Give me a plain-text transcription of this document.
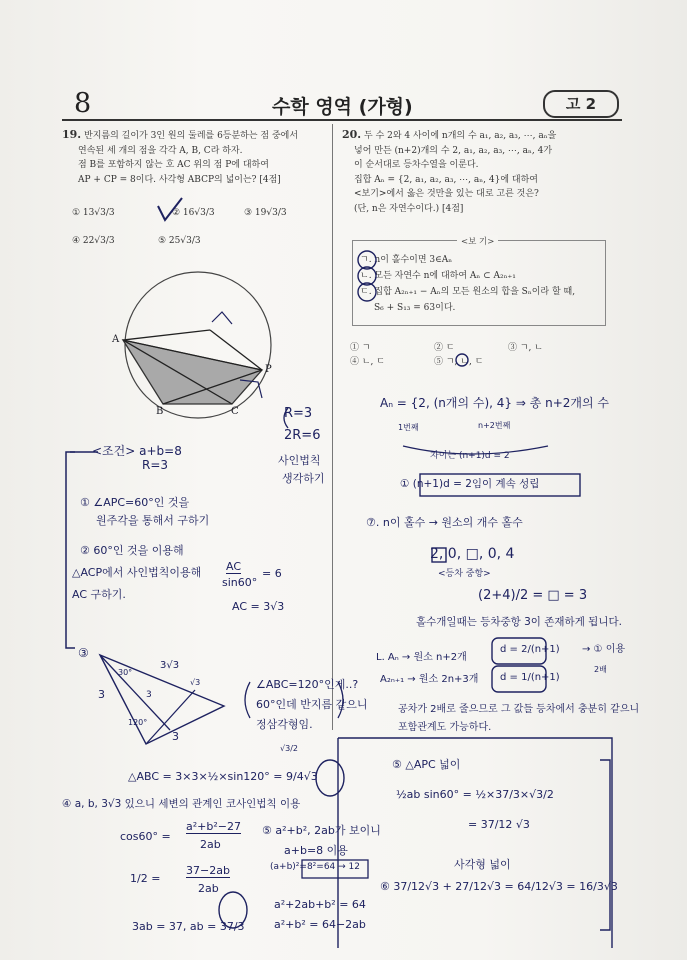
8	수학 영역 (가형)	고 2

19. 반지름의 길이가 3인 원의 둘레를 6등분하는 점 중에서

연속된 세 개의 점을 각각 A, B, C라 하자.

점 B를 포함하지 않는 호 AC 위의 점 P에 대하여

AP + CP = 8이다. 사각형 ABCP의 넓이는? [4점]

① 13√3/3	② 16√3/3	③ 19√3/3
④ 22√3/3	⑤ 25√3/3

20. 두 수 2와 4 사이에 n개의 수 a₁, a₂, a₃, ⋯, aₙ을

넣어 만든 (n+2)개의 수 2, a₁, a₂, a₃, ⋯, aₙ, 4가

이 순서대로 등차수열을 이룬다.

집합 Aₙ = {2, a₁, a₂, a₃, ⋯, aₙ, 4}에 대하여

<보기>에서 옳은 것만을 있는 대로 고른 것은?

(단, n은 자연수이다.) [4점]

<보 기>

ㄱ. n이 홀수이면 3∈Aₙ

ㄴ. 모든 자연수 n에 대하여 Aₙ ⊂ A₂ₙ₊₁

ㄷ. 집합 A₂ₙ₊₁ − Aₙ의 모든 원소의 합을 Sₙ이라 할 때,

S₆ + S₁₃ = 63이다.

① ㄱ	② ㄷ	③ ㄱ, ㄴ
④ ㄴ, ㄷ	⑤ ㄱ, ㄴ, ㄷ
A
B	C
P
R=3
2R=6
사인법칙
생각하기
<조건> a+b=8
R=3
① ∠APC=60°인 것을
원주각을 통해서 구하기
② 60°인 것을 이용해
△ACP에서 사인법칙이용해
AC 구하기.
AC
sin60°
= 6
AC = 3√3
③
3√3
3
3
120°
30°
√3
3
∠ABC=120°인게..?
60°인데 반지름 같으니
정삼각형임.
√3/2
△ABC = 3×3×½×sin120° = 9/4√3
④ a, b, 3√3 있으니 세변의 관계인 코사인법칙 이용
cos60° =
a²+b²−27
2ab
1/2 =
37−2ab
2ab
3ab = 37, ab = 37/3
⑤ a²+b², 2ab가 보이니
a+b=8 이용
(a+b)²=8²=64 → 12
a²+2ab+b² = 64
a²+b² = 64−2ab
Aₙ = {2, (n개의 수), 4} ⇒ 총 n+2개의 수
1번째	n+2번째
차이는 (n+1)d = 2
① (n+1)d = 2임이 계속 성립
⑦. n이 홀수 → 원소의 개수 홀수
2, 0, □, 0, 4
<등차 중항>
(2+4)/2 = □ = 3
홀수개일때는 등차중항 3이 존재하게 됩니다.
L. Aₙ → 원소 n+2개
A₂ₙ₊₁ → 원소 2n+3개
d = 2/(n+1)
d = 1/(n+1)
→ ① 이용
2배
공차가 2배로 줄으므로 그 값들 등차에서 충분히 같으니
포함관계도 가능하다.
⑤ △APC 넓이
½ab sin60° = ½×37/3×√3/2
= 37/12 √3
사각형 넓이
⑥ 37/12√3 + 27/12√3 = 64/12√3 = 16/3√3
